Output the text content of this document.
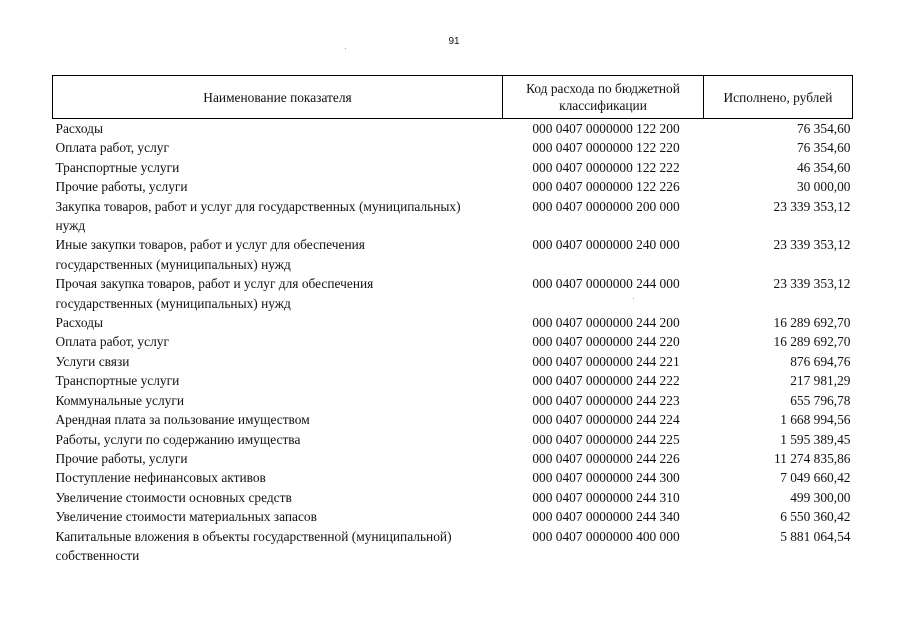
91
Наименование показателя	Код расхода по бюджетной классификации	Исполнено, рублей
Расходы	000 0407 0000000 122 200	76 354,60
Оплата работ, услуг	000 0407 0000000 122 220	76 354,60
Транспортные услуги	000 0407 0000000 122 222	46 354,60
Прочие работы, услуги	000 0407 0000000 122 226	30 000,00
Закупка товаров, работ и услуг для государственных (муниципальных) нужд	000 0407 0000000 200 000	23 339 353,12
Иные закупки товаров, работ и услуг для обеспечения государственных (муниципальных) нужд	000 0407 0000000 240 000	23 339 353,12
Прочая закупка товаров, работ и услуг для обеспечения государственных (муниципальных) нужд	000 0407 0000000 244 000	23 339 353,12
Расходы	000 0407 0000000 244 200	16 289 692,70
Оплата работ, услуг	000 0407 0000000 244 220	16 289 692,70
Услуги связи	000 0407 0000000 244 221	876 694,76
Транспортные услуги	000 0407 0000000 244 222	217 981,29
Коммунальные услуги	000 0407 0000000 244 223	655 796,78
Арендная плата за пользование имуществом	000 0407 0000000 244 224	1 668 994,56
Работы, услуги по содержанию имущества	000 0407 0000000 244 225	1 595 389,45
Прочие работы, услуги	000 0407 0000000 244 226	11 274 835,86
Поступление нефинансовых активов	000 0407 0000000 244 300	7 049 660,42
Увеличение стоимости основных средств	000 0407 0000000 244 310	499 300,00
Увеличение стоимости материальных запасов	000 0407 0000000 244 340	6 550 360,42
Капитальные вложения в объекты государственной (муниципальной) собственности	000 0407 0000000 400 000	5 881 064,54
